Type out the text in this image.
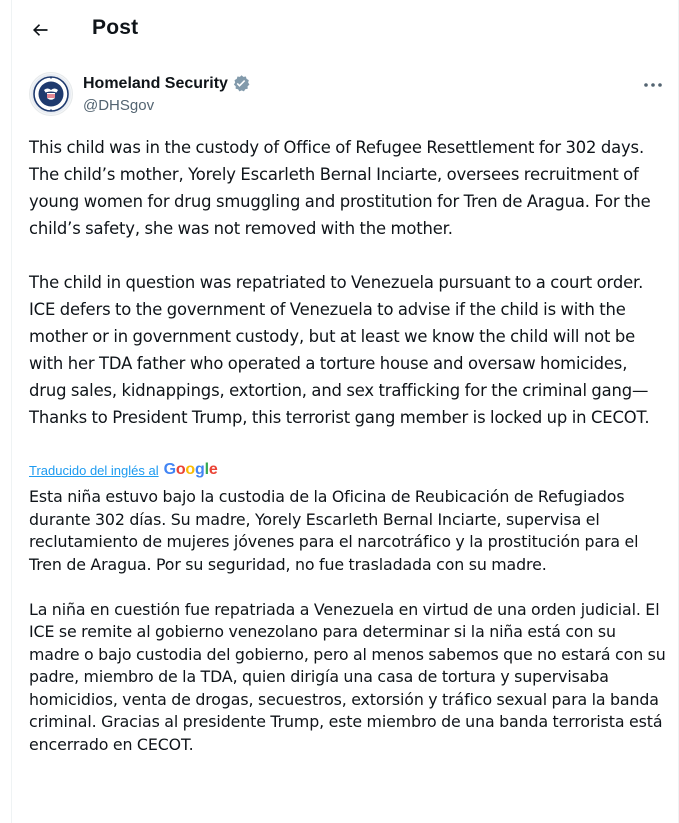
Post
Homeland Security
@DHSgov

This child was in the custody of Office of Refugee Resettlement for 302 days. The child’s mother, Yorely Escarleth Bernal Inciarte, oversees recruitment of young women for drug smuggling and prostitution for Tren de Aragua. For the child’s safety, she was not removed with the mother.

The child in question was repatriated to Venezuela pursuant to a court order. ICE defers to the government of Venezuela to advise if the child is with the mother or in government custody, but at least we know the child will not be with her TDA father who operated a torture house and oversaw homicides, drug sales, kidnappings, extortion, and sex trafficking for the criminal gang—Thanks to President Trump, this terrorist gang member is locked up in CECOT.

Traducido del inglés al Google

Esta niña estuvo bajo la custodia de la Oficina de Reubicación de Refugiados durante 302 días. Su madre, Yorely Escarleth Bernal Inciarte, supervisa el reclutamiento de mujeres jóvenes para el narcotráfico y la prostitución para el Tren de Aragua. Por su seguridad, no fue trasladada con su madre.

La niña en cuestión fue repatriada a Venezuela en virtud de una orden judicial. El ICE se remite al gobierno venezolano para determinar si la niña está con su madre o bajo custodia del gobierno, pero al menos sabemos que no estará con su padre, miembro de la TDA, quien dirigía una casa de tortura y supervisaba homicidios, venta de drogas, secuestros, extorsión y tráfico sexual para la banda criminal. Gracias al presidente Trump, este miembro de una banda terrorista está encerrado en CECOT.
